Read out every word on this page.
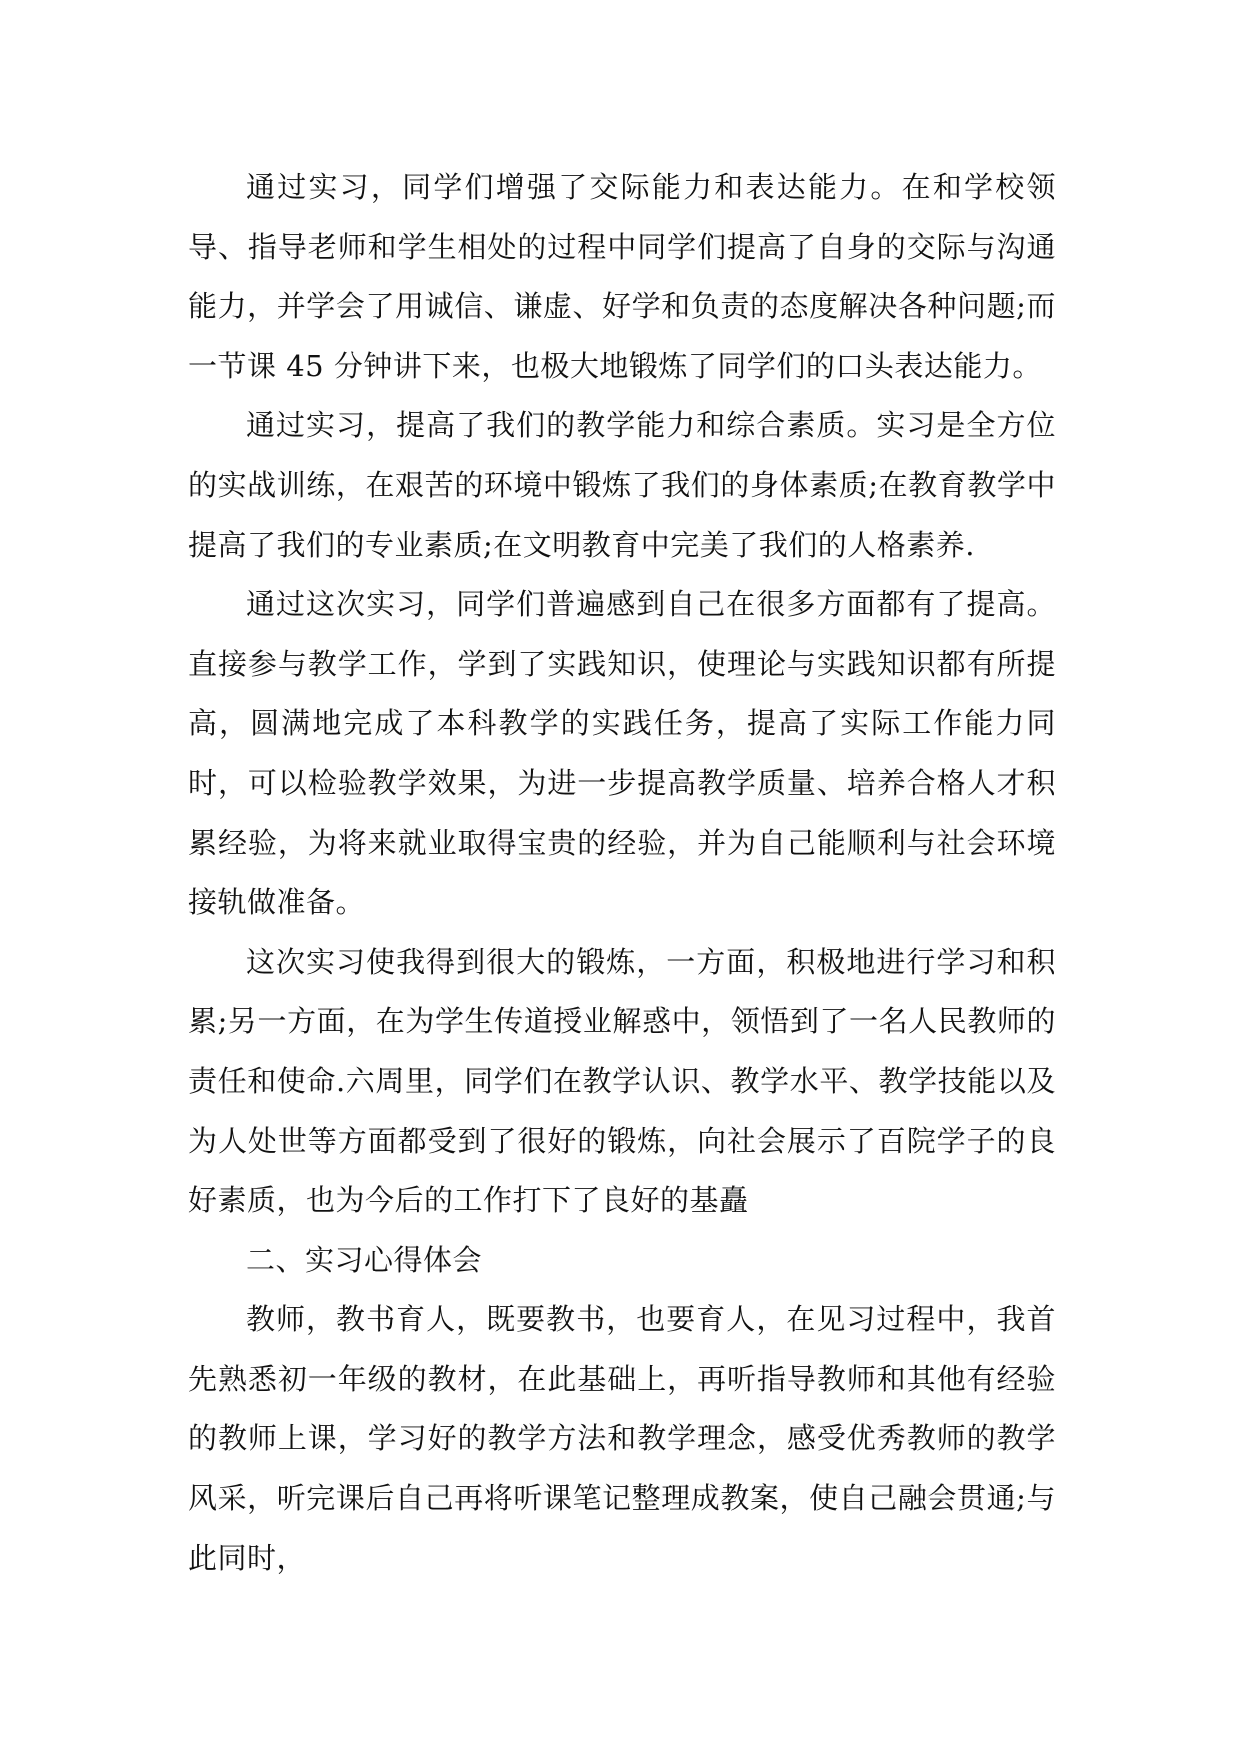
通过实习，同学们增强了交际能力和表达能力。在和学校领导、指导老师和学生相处的过程中同学们提高了自身的交际与沟通能力，并学会了用诚信、谦虚、好学和负责的态度解决各种问题;而一节课 45 分钟讲下来，也极大地锻炼了同学们的口头表达能力。

通过实习，提高了我们的教学能力和综合素质。实习是全方位的实战训练，在艰苦的环境中锻炼了我们的身体素质;在教育教学中提高了我们的专业素质;在文明教育中完美了我们的人格素养.

通过这次实习，同学们普遍感到自己在很多方面都有了提高。直接参与教学工作，学到了实践知识，使理论与实践知识都有所提高，圆满地完成了本科教学的实践任务，提高了实际工作能力同时，可以检验教学效果，为进一步提高教学质量、培养合格人才积累经验，为将来就业取得宝贵的经验，并为自己能顺利与社会环境接轨做准备。

这次实习使我得到很大的锻炼，一方面，积极地进行学习和积累;另一方面，在为学生传道授业解惑中，领悟到了一名人民教师的责任和使命.六周里，同学们在教学认识、教学水平、教学技能以及为人处世等方面都受到了很好的锻炼，向社会展示了百院学子的良好素质，也为今后的工作打下了良好的基矗

二、实习心得体会

教师，教书育人，既要教书，也要育人，在见习过程中，我首先熟悉初一年级的教材，在此基础上，再听指导教师和其他有经验的教师上课，学习好的教学方法和教学理念，感受优秀教师的教学风采，听完课后自己再将听课笔记整理成教案，使自己融会贯通;与此同时，
